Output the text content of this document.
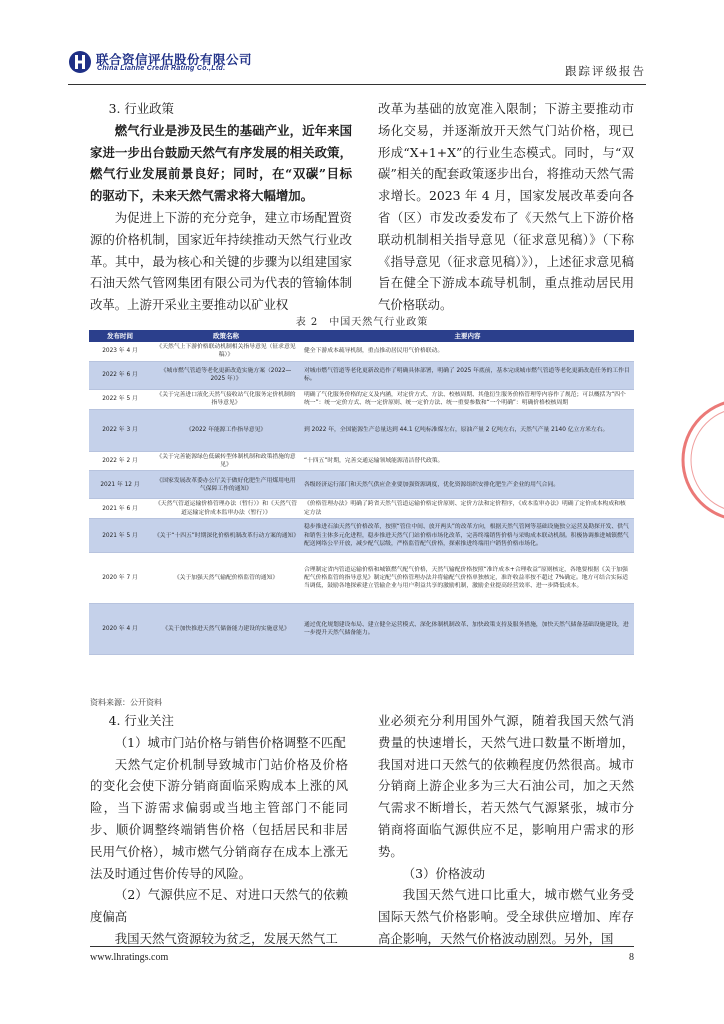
联合资信评估股份有限公司
China Lianhe Credit Rating Co.,Ltd.	跟踪评级报告

3. 行业政策

燃气行业是涉及民生的基础产业，近年来国家进一步出台鼓励天然气有序发展的相关政策，燃气行业发展前景良好；同时，在“双碳”目标的驱动下，未来天然气需求将大幅增加。

为促进上下游的充分竞争，建立市场配置资源的价格机制，国家近年持续推动天然气行业改革。其中，最为核心和关键的步骤为以组建国家石油天然气管网集团有限公司为代表的管输体制改革。上游开采业主要推动以矿业权

改革为基础的放宽准入限制；下游主要推动市场化交易，并逐渐放开天然气门站价格，现已形成“X+1+X”的行业生态模式。同时，与“双碳”相关的配套政策逐步出台，将推动天然气需求增长。2023 年 4 月，国家发展改革委向各省（区）市发改委发布了《天然气上下游价格联动机制相关指导意见（征求意见稿）》（下称《指导意见（征求意见稿）》），上述征求意见稿旨在健全下游成本疏导机制，重点推动居民用气价格联动。

表 2　中国天然气行业政策
发布时间	政策名称	主要内容
2023 年 4 月	《天然气上下游价格联动机制相关指导意见（征求意见稿）》	健全下游成本疏导机制，重点推动居民用气价格联动。
2022 年 6 月	《城市燃气管道等老化更新改造实施方案（2022—2025 年）》	对城市燃气管道等老化更新改造作了明确具体部署，明确了 2025 年底前，基本完成城市燃气管道等老化更新改造任务的工作目标。
2022 年 5 月	《关于完善进口液化天然气接收站气化服务定价机制的指导意见》	明确了气化服务价格的定义及内涵，对定价方式、方法、校核周期、其他衍生服务价格管理等内容作了规范；可以概括为“四个统一”：统一定价方式、统一定价原则、统一定价方法、统一重要参数和“一个明确”：明确价格校核周期
2022 年 3 月	《2022 年能源工作指导意见》	到 2022 年，全国能源生产总量达到 44.1 亿吨标准煤左右，原油产量 2 亿吨左右，天然气产量 2140 亿立方米左右。
2022 年 2 月	《关于完善能源绿色低碳转型体制机制和政策措施的意见》	“十四五”时期，完善交通运输领域能源清洁替代政策。
2021 年 12 月	《国家发展改革委办公厅关于做好化肥生产用煤用电用气保障工作的通知》	各级经济运行部门和天然气供应企业要加强资源调度，优化资源组织安排化肥生产企业的用气合同。
2021 年 6 月	《天然气管道运输价格管理办法（暂行）》和《天然气管道运输定价成本监审办法（暂行）》	《价格管理办法》明确了跨省天然气管道运输价格定价原则、定价方法和定价程序，《成本监审办法》明确了定价成本构成和核定方法
2021 年 5 月	《关于“十四五”时期深化价格机制改革行动方案的通知》	稳步推进石油天然气价格改革，按照“管住中间、放开两头”的改革方向，根据天然气管网等基础设施独立运营及勘探开发、供气和销售主体多元化进程，稳步推进天然气门站价格市场化改革，完善终端销售价格与采购成本联动机制。积极协调推进城镇燃气配送网络公平开放，减少配气层级，严格监管配气价格，探索推进终端用户销售价格市场化。
2020 年 7 月	《关于加强天然气输配价格监管的通知》	合理制定省内管道运输价格和城镇燃气配气价格，天然气输配价格按照“准许成本+合理收益”原则核定，各地要根据《关于加强配气价格监管的指导意见》制定配气价格管理办法并将输配气价格单独核定，准许收益率按不超过 7%确定。地方可结合实际适当调低，鼓励各地探索建立管输企业与用户利益共享的激励机制，激励企业提高经营效率、进一步降低成本。
2020 年 4 月	《关于加快推进天然气储备能力建设的实施意见》	通过优化规划建设布局、建立健全运营模式、深化体制机制改革、加快政策支持及服务措施，加快天然气储备基础设施建设，进一步提升天然气储备能力。
资料来源：公开资料

4. 行业关注

（1）城市门站价格与销售价格调整不匹配

天然气定价机制导致城市门站价格及价格的变化会使下游分销商面临采购成本上涨的风险，当下游需求偏弱或当地主管部门不能同步、顺价调整终端销售价格（包括居民和非居民用气价格），城市燃气分销商存在成本上涨无法及时通过售价传导的风险。

（2）气源供应不足、对进口天然气的依赖度偏高

我国天然气资源较为贫乏，发展天然气工

业必须充分利用国外气源，随着我国天然气消费量的快速增长，天然气进口数量不断增加，我国对进口天然气的依赖程度仍然很高。城市分销商上游企业多为三大石油公司，加之天然气需求不断增长，若天然气气源紧张，城市分销商将面临气源供应不足，影响用户需求的形势。

（3）价格波动

我国天然气进口比重大，城市燃气业务受国际天然气价格影响。受全球供应增加、库存高企影响，天然气价格波动剧烈。另外，国

www.lhratings.com	8
